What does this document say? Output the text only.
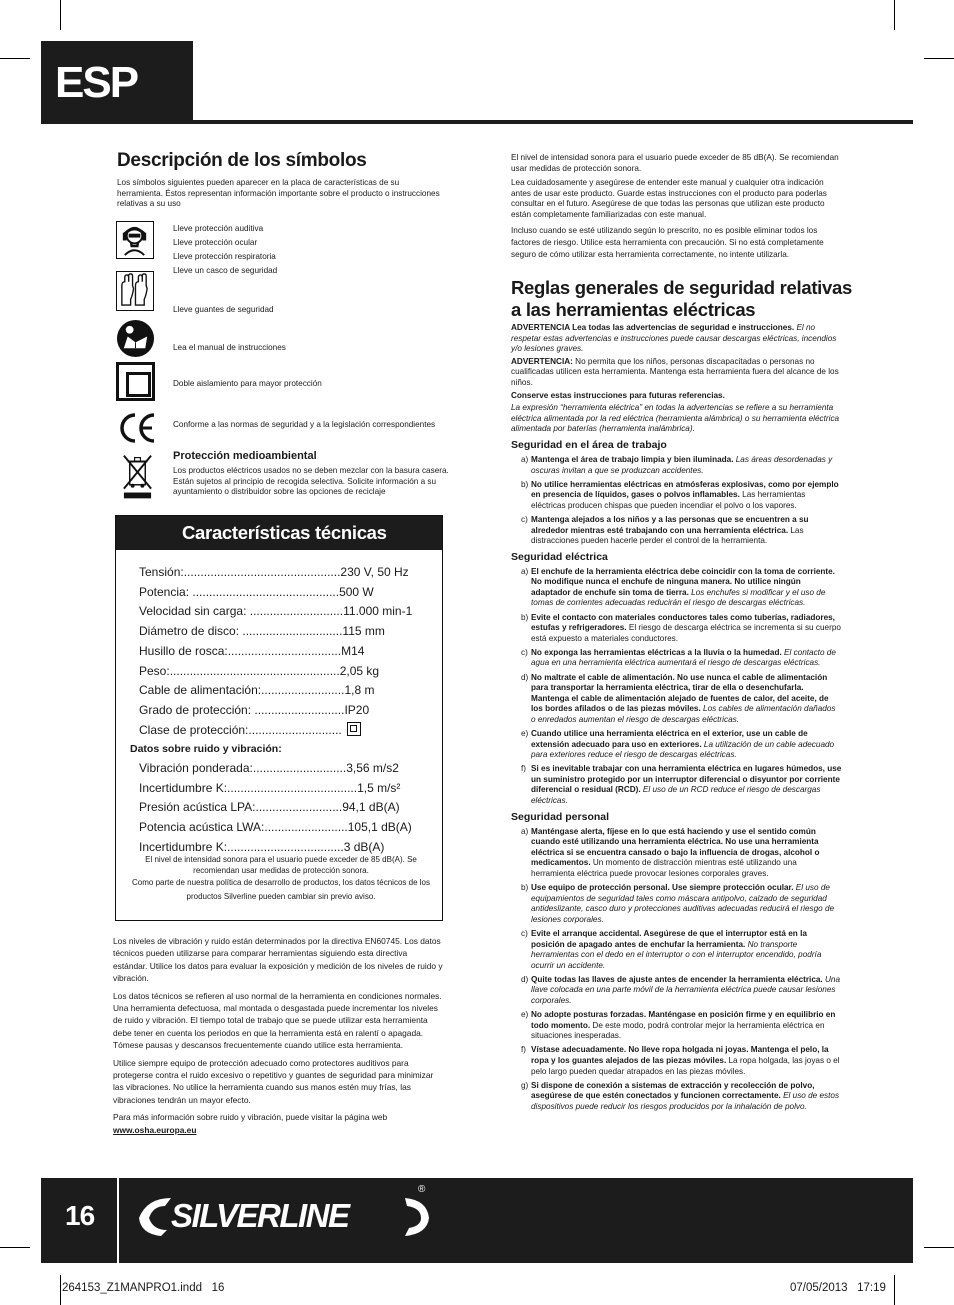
ESP
Descripción de los símbolos
Los símbolos siguientes pueden aparecer en la placa de características de su herramienta. Éstos representan información importante sobre el producto o instrucciones relativas a su uso
Lleve protección auditiva
Lleve protección ocular
Lleve protección respiratoria
Lleve un casco de seguridad
Lleve guantes de seguridad
Lea el manual de instrucciones
Doble aislamiento para mayor protección
Conforme a las normas de seguridad y a la legislación correspondientes
Protección medioambiental
Los productos eléctricos usados no se deben mezclar con la basura casera. Están sujetos al principio de recogida selectiva. Solicite información a su ayuntamiento o distribuidor sobre las opciones de reciclaje
Características técnicas
Tensión:...............................................230 V, 50 Hz
Potencia: ............................................500 W
Velocidad sin carga: ............................11.000 min-1
Diámetro de disco: ..............................115 mm
Husillo de rosca:..................................M14
Peso:...................................................2,05 kg
Cable de alimentación:.........................1,8 m
Grado de protección: ...........................IP20
Clase de protección:............................
Datos sobre ruido y vibración:
Vibración ponderada:............................3,56 m/s2
Incertidumbre K:.......................................1,5 m/s²
Presión acústica LPA:..........................94,1 dB(A)
Potencia acústica LWA:.........................105,1 dB(A)
Incertidumbre K:...................................3 dB(A)
El nivel de intensidad sonora para el usuario puede exceder de 85 dB(A). Se recomiendan usar medidas de protección sonora.
Como parte de nuestra política de desarrollo de productos, los datos técnicos de los productos Silverline pueden cambiar sin previo aviso.

Los niveles de vibración y ruido están determinados por la directiva EN60745. Los datos técnicos pueden utilizarse para comparar herramientas siguiendo esta directiva estándar. Utilice los datos para evaluar la exposición y medición de los niveles de ruido y vibración.

Los datos técnicos se refieren al uso normal de la herramienta en condiciones normales. Una herramienta defectuosa, mal montada o desgastada puede incrementar los niveles de ruido y vibración. El tiempo total de trabajo que se puede utilizar esta herramienta debe tener en cuenta los periodos en que la herramienta está en ralentí o apagada. Tómese pausas y descansos frecuentemente cuando utilice esta herramienta.

Utilice siempre equipo de protección adecuado como protectores auditivos para protegerse contra el ruido excesivo o repetitivo y guantes de seguridad para minimizar las vibraciones. No utilice la herramienta cuando sus manos estén muy frías, las vibraciones tendrán un mayor efecto.

Para más información sobre ruido y vibración, puede visitar la página web www.osha.europa.eu

El nivel de intensidad sonora para el usuario puede exceder de 85 dB(A). Se recomiendan usar medidas de protección sonora.

Lea cuidadosamente y asegúrese de entender este manual y cualquier otra indicación antes de usar este producto. Guarde estas instrucciones con el producto para poderlas consultar en el futuro. Asegúrese de que todas las personas que utilizan este producto están completamente familiarizadas con este manual.

Incluso cuando se esté utilizando según lo prescrito, no es posible eliminar todos los factores de riesgo. Utilice esta herramienta con precaución. Si no está completamente seguro de cómo utilizar esta herramienta correctamente, no intente utilizarla.

Reglas generales de seguridad relativas
a las herramientas eléctricas

ADVERTENCIA Lea todas las advertencias de seguridad e instrucciones. El no respetar estas advertencias e instrucciones puede causar descargas eléctricas, incendios y/o lesiones graves.

ADVERTENCIA: No permita que los niños, personas discapacitadas o personas no cualificadas utilicen esta herramienta. Mantenga esta herramienta fuera del alcance de los niños.

Conserve estas instrucciones para futuras referencias.

La expresión “herramienta eléctrica” en todas la advertencias se refiere a su herramienta eléctrica alimentada por la red eléctrica (herramienta alámbrica) o su herramienta eléctrica alimentada por baterías (herramienta inalámbrica).

Seguridad en el área de trabajo
a) Mantenga el área de trabajo limpia y bien iluminada. Las áreas desordenadas y oscuras invitan a que se produzcan accidentes.
b) No utilice herramientas eléctricas en atmósferas explosivas, como por ejemplo en presencia de líquidos, gases o polvos inflamables. Las herramientas eléctricas producen chispas que pueden incendiar el polvo o los vapores.
c) Mantenga alejados a los niños y a las personas que se encuentren a su alrededor mientras esté trabajando con una herramienta eléctrica. Las distracciones pueden hacerle perder el control de la herramienta.
Seguridad eléctrica
a) El enchufe de la herramienta eléctrica debe coincidir con la toma de corriente. No modifique nunca el enchufe de ninguna manera. No utilice ningún adaptador de enchufe sin toma de tierra. Los enchufes si modificar y el uso de tomas de corrientes adecuadas reducirán el riesgo de descargas eléctricas.
b) Evite el contacto con materiales conductores tales como tuberías, radiadores, estufas y refrigeradores. El riesgo de descarga eléctrica se incrementa si su cuerpo está expuesto a materiales conductores.
c) No exponga las herramientas eléctricas a la lluvia o la humedad. El contacto de agua en una herramienta eléctrica aumentará el riesgo de descargas eléctricas.
d) No maltrate el cable de alimentación. No use nunca el cable de alimentación para transportar la herramienta eléctrica, tirar de ella o desenchufarla. Mantenga el cable de alimentación alejado de fuentes de calor, del aceite, de los bordes afilados o de las piezas móviles. Los cables de alimentación dañados o enredados aumentan el riesgo de descargas eléctricas.
e) Cuando utilice una herramienta eléctrica en el exterior, use un cable de extensión adecuado para uso en exteriores. La utilización de un cable adecuado para exteriores reduce el riesgo de descargas eléctricas.
f) Si es inevitable trabajar con una herramienta eléctrica en lugares húmedos, use un suministro protegido por un interruptor diferencial o disyuntor por corriente diferencial o residual (RCD). El uso de un RCD reduce el riesgo de descargas eléctricas.
Seguridad personal
a) Manténgase alerta, fíjese en lo que está haciendo y use el sentido común cuando esté utilizando una herramienta eléctrica. No use una herramienta eléctrica si se encuentra cansado o bajo la influencia de drogas, alcohol o medicamentos. Un momento de distracción mientras esté utilizando una herramienta eléctrica puede provocar lesiones corporales graves.
b) Use equipo de protección personal. Use siempre protección ocular. El uso de equipamientos de seguridad tales como máscara antipolvo, calzado de seguridad antideslizante, casco duro y protecciones auditivas adecuadas reducirá el riesgo de lesiones corporales.
c) Evite el arranque accidental. Asegúrese de que el interruptor está en la posición de apagado antes de enchufar la herramienta. No transporte herramientas con el dedo en el interruptor o con el interruptor encendido, podría ocurrir un accidente.
d) Quite todas las llaves de ajuste antes de encender la herramienta eléctrica. Una llave colocada en una parte móvil de la herramienta eléctrica puede causar lesiones corporales.
e) No adopte posturas forzadas. Manténgase en posición firme y en equilibrio en todo momento. De este modo, podrá controlar mejor la herramienta eléctrica en situaciones inesperadas.
f) Vístase adecuadamente. No lleve ropa holgada ni joyas. Mantenga el pelo, la ropa y los guantes alejados de las piezas móviles. La ropa holgada, las joyas o el pelo largo pueden quedar atrapados en las piezas móviles.
g) Si dispone de conexión a sistemas de extracción y recolección de polvo, asegúrese de que estén conectados y funcionen correctamente. El uso de estos dispositivos puede reducir los riesgos producidos por la inhalación de polvo.
16 SILVERLINE
®
264153_Z1MANPRO1.indd   16	07/05/2013   17:19
